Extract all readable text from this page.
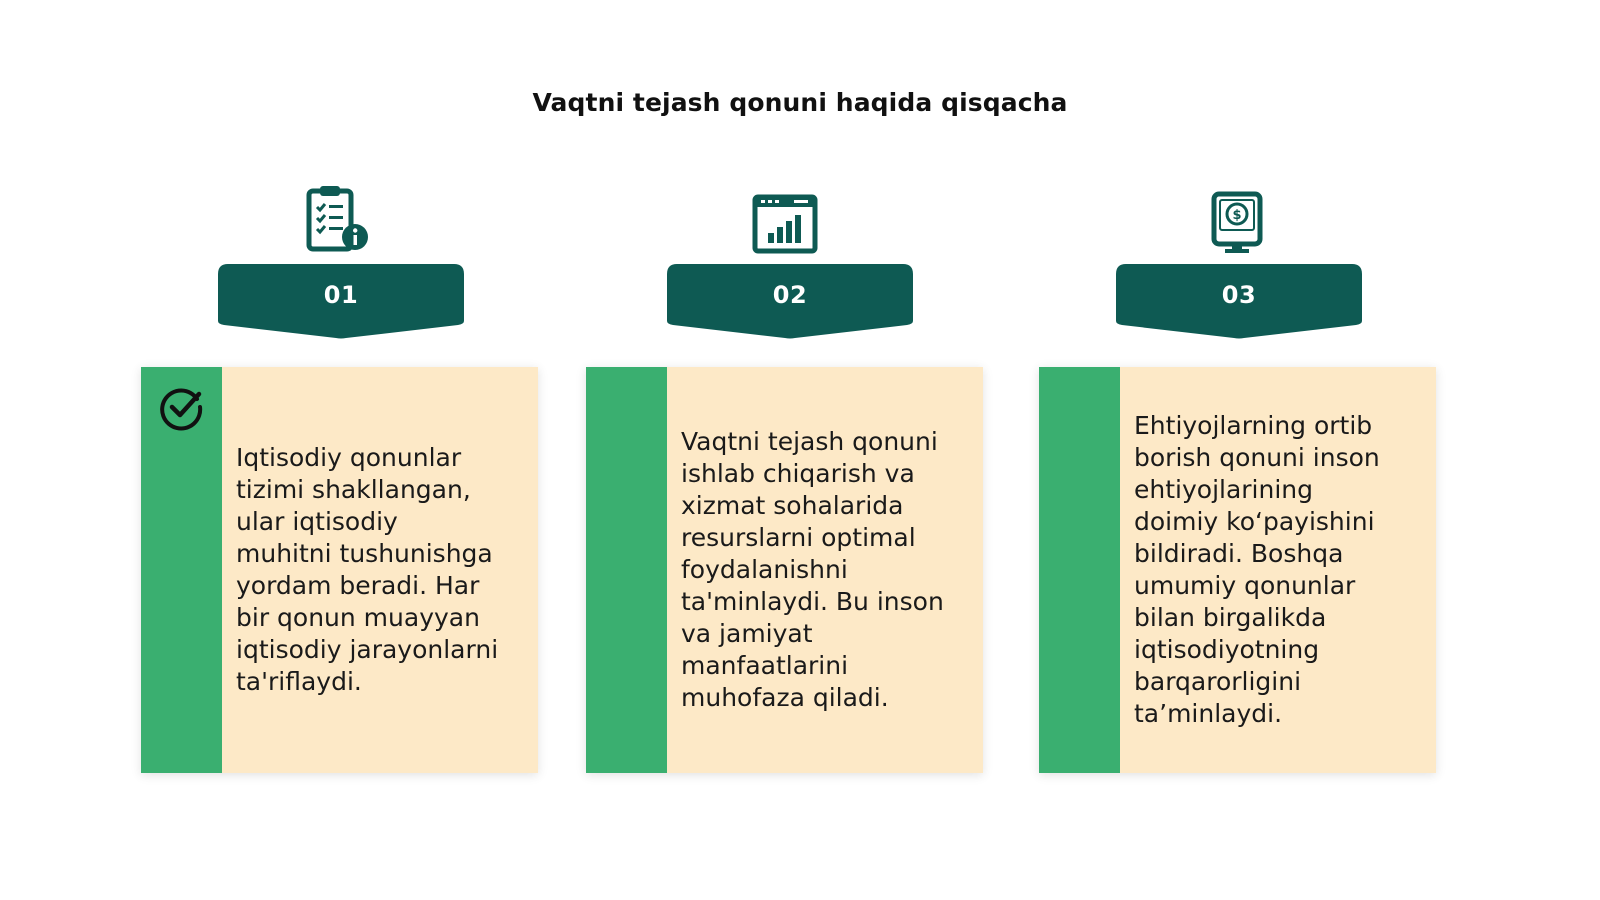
Vaqtni tejash qonuni haqida qisqacha
01
Iqtisodiy qonunlar
tizimi shakllangan,
ular iqtisodiy
muhitni tushunishga
yordam beradi. Har
bir qonun muayyan
iqtisodiy jarayonlarni
ta'riflaydi.
02
Vaqtni tejash qonuni
ishlab chiqarish va
xizmat sohalarida
resurslarni optimal
foydalanishni
ta'minlaydi. Bu inson
va jamiyat
manfaatlarini
muhofaza qiladi.
$
03
Ehtiyojlarning ortib
borish qonuni inson
ehtiyojlarining
doimiy ko‘payishini
bildiradi. Boshqa
umumiy qonunlar
bilan birgalikda
iqtisodiyotning
barqarorligini
ta’minlaydi.
